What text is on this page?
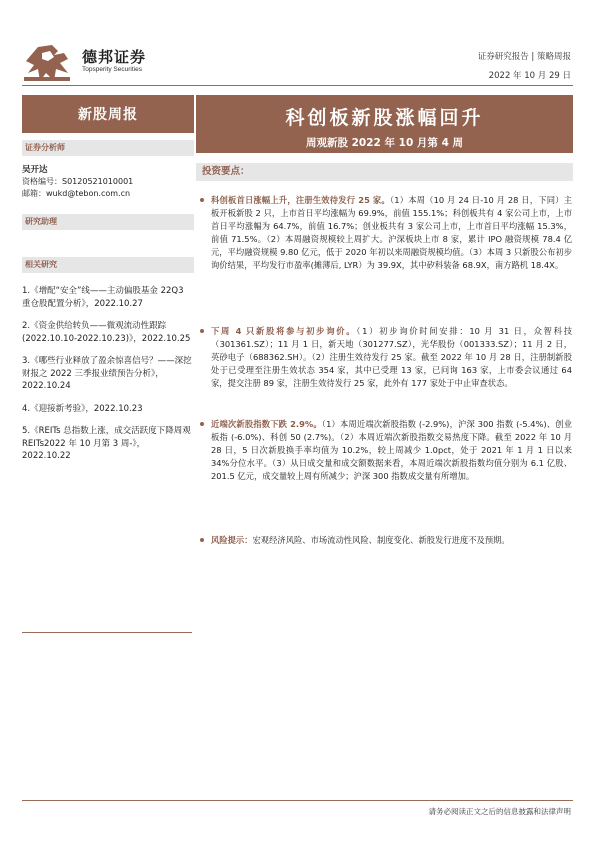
德邦证券
Topsperity Securities
证券研究报告 | 策略周报
2022 年 10 月 29 日
新股周报
证券分析师
吴开达
资格编号：S0120521010001
邮箱：wukd@tebon.com.cn
研究助理
相关研究
1.《增配“安全”线——主动偏股基金 22Q3 重仓股配置分析》，2022.10.27
2.《资金供给转负——微观流动性跟踪(2022.10.10-2022.10.23)》，2022.10.25
3.《哪些行业释放了盈余惊喜信号？——深挖财报之 2022 三季报业绩预告分析》，2022.10.24
4.《迎接新考验》，2022.10.23
5.《REITs 总指数上涨，成交活跃度下降周观 REITs2022 年 10 月第 3 周-》，2022.10.22
科创板新股涨幅回升
周观新股 2022 年 10 月第 4 周
投资要点：
科创板首日涨幅上升，注册生效待发行 25 家。（1）本周（10 月 24 日-10 月 28 日，下同）主板开板新股 2 只，上市首日平均涨幅为 69.9%，前值 155.1%；科创板共有 4 家公司上市，上市首日平均涨幅为 64.7%，前值 16.7%；创业板共有 3 家公司上市，上市首日平均涨幅 15.3%，前值 71.5%。（2）本周融资规模较上周扩大。沪深板块上市 8 家，累计 IPO 融资规模 78.4 亿元，平均融资规模 9.80 亿元，低于 2020 年初以来周融资规模均值。（3）本周 3 只新股公布初步询价结果，平均发行市盈率(摊薄后, LYR）为 39.9X，其中矽科装备 68.9X，南方路机 18.4X。
下周 4 只新股将参与初步询价。（1）初步询价时间安排：10 月 31 日，众智科技（301361.SZ）；11 月 1 日，新天地（301277.SZ），光华股份（001333.SZ）；11 月 2 日，英砂电子（688362.SH）。（2）注册生效待发行 25 家。截至 2022 年 10 月 28 日，注册制新股处于已受理至注册生效状态 354 家，其中已受理 13 家，已问询 163 家，上市委会议通过 64 家，提交注册 89 家，注册生效待发行 25 家，此外有 177 家处于中止审查状态。
近端次新股指数下跌 2.9%。（1）本周近端次新股指数 (-2.9%)，沪深 300 指数 (-5.4%)、创业板指 (-6.0%)、科创 50 (2.7%)。（2）本周近端次新股指数交易热度下降。截至 2022 年 10 月 28 日，5 日次新股换手率均值为 10.2%，较上周减少 1.0pct，处于 2021 年 1 月 1 日以来 34%分位水平。（3）从日成交量和成交额数据来看，本周近端次新股指数均值分别为 6.1 亿股、201.5 亿元，成交量较上周有所减少；沪深 300 指数成交量有所增加。
风险提示：宏观经济风险、市场流动性风险、制度变化、新股发行进度不及预期。
请务必阅读正文之后的信息披露和法律声明
